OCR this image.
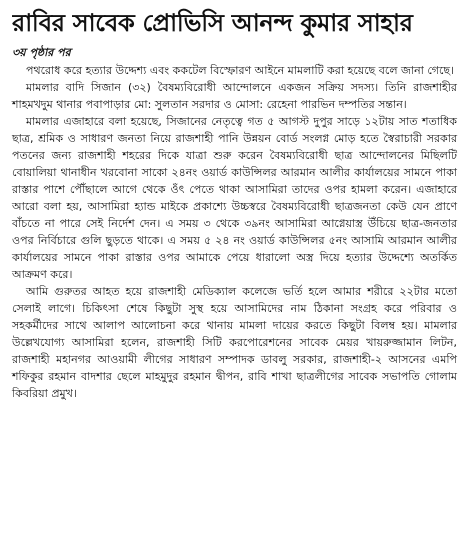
রাবির সাবেক প্রোভিসি আনন্দ কুমার সাহার
৩য় পৃষ্ঠার পর

পথরোধ করে হত্যার উদ্দেশ্য এবং ককটেল বিস্ফোরণ আইনে মামলাটি করা হয়েছে বলে জানা গেছে।

মামলার বাদি সিজান (৩২) বৈষম্যবিরোধী আন্দোলনে একজন সক্রিয় সদস্য। তিনি রাজশাহীর শাহমখদুম থানার পবাপাড়ার মো: সুলতান সরদার ও মোসা: রেহেনা পারভিন দম্পতির সন্তান।

মামলার এজাহারে বলা হয়েছে, সিজানের নেতৃত্বে গত ৫ আগস্ট দুপুর সাড়ে ১২টায় সাত শতাধিক ছাত্র, শ্রমিক ও সাধারণ জনতা নিয়ে রাজশাহী পানি উন্নয়ন বোর্ড সংলগ্ন মোড় হতে স্বৈরাচারী সরকার পতনের জন্য রাজশাহী শহরের দিকে যাত্রা শুরু করেন বৈষম্যবিরোধী ছাত্র আন্দোলনের মিছিলটি বোয়ালিয়া থানাধীন খরবোনা সাকো ২৪নং ওয়ার্ড কাউন্সিলর আরমান আলীর কার্যালয়ের সামনে পাকা রাস্তার পাশে পৌঁছালে আগে থেকে ওঁৎ পেতে থাকা আসামিরা তাদের ওপর হামলা করেন। এজাহারে আরো বলা হয়, আসামিরা হ্যান্ড মাইকে প্রকাশ্যে উচ্চস্বরে বৈষম্যবিরোধী ছাত্রজনতা কেউ যেন প্রাণে বাঁচতে না পারে সেই নির্দেশ দেন। এ সময় ৩ থেকে ৩৯নং আসামিরা আগ্নেয়াস্ত্র উঁচিয়ে ছাত্র-জনতার ওপর নির্বিচারে গুলি ছুড়তে থাকে। এ সময় ৫ ২৪ নং ওয়ার্ড কাউন্সিলর ৫নং আসামি আরমান আলীর কার্যালয়ের সামনে পাকা রাস্তার ওপর আমাকে পেয়ে ধারালো অস্ত্র দিয়ে হত্যার উদ্দেশ্যে অতর্কিত আক্রমণ করে।

আমি গুরুতর আহত হয়ে রাজশাহী মেডিক্যাল কলেজে ভর্তি হলে আমার শরীরে ২২টার মতো সেলাই লাগে। চিকিৎসা শেষে কিছুটা সুস্থ হয়ে আসামিদের নাম ঠিকানা সংগ্রহ করে পরিবার ও সহকর্মীদের সাথে আলাপ আলোচনা করে থানায় মামলা দায়ের করতে কিছুটা বিলম্ব হয়। মামলার উল্লেখযোগ্য আসামিরা হলেন, রাজশাহী সিটি করপোরেশনের সাবেক মেয়র খায়রুজ্জামান লিটন, রাজশাহী মহানগর আওয়ামী লীগের সাধারণ সম্পাদক ডাবলু সরকার, রাজশাহী-২ আসনের এমপি শফিকুর রহমান বাদশার ছেলে মাহমুদুর রহমান দ্বীপন, রাবি শাখা ছাত্রলীগের সাবেক সভাপতি গোলাম কিবরিয়া প্রমুখ।
